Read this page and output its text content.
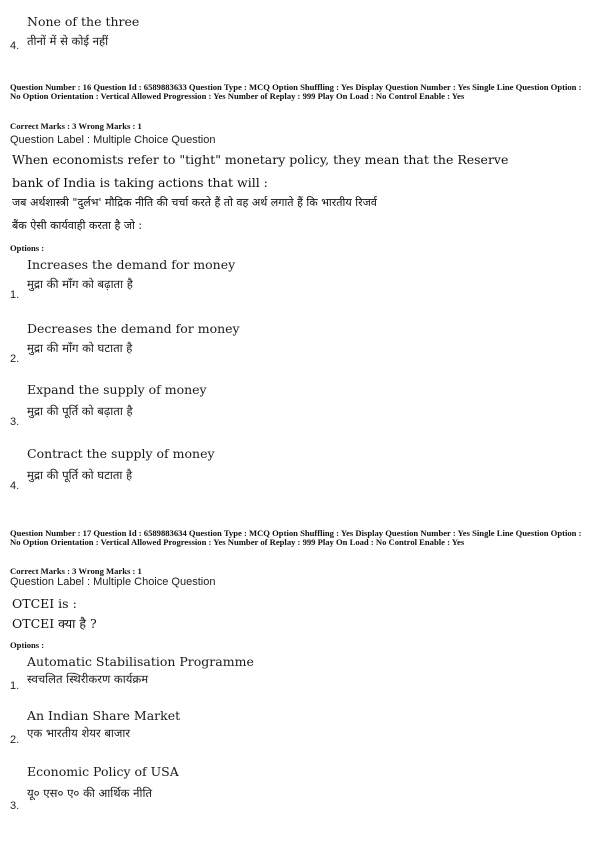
None of the three
तीनों में से कोई नहीं
4.
Question Number : 16 Question Id : 6589883633 Question Type : MCQ Option Shuffling : Yes Display Question Number : Yes Single Line Question Option : No Option Orientation : Vertical Allowed Progression : Yes Number of Replay : 999 Play On Load : No Control Enable : Yes
Correct Marks : 3 Wrong Marks : 1
Question Label : Multiple Choice Question
When economists refer to "tight" monetary policy, they mean that the Reserve
bank of India is taking actions that will :
जब अर्थशास्त्री "दुर्लभ' मौद्रिक नीति की चर्चा करते हैं तो वह अर्थ लगाते हैं कि भारतीय रिजर्व
बैंक ऐसी कार्यवाही करता है जो :
Options :
Increases the demand for money
मुद्रा की माँग को बढ़ाता है
1.
Decreases the demand for money
मुद्रा की माँग को घटाता है
2.
Expand the supply of money
मुद्रा की पूर्ति को बढ़ाता है
3.
Contract the supply of money
मुद्रा की पूर्ति को घटाता है
4.
Question Number : 17 Question Id : 6589883634 Question Type : MCQ Option Shuffling : Yes Display Question Number : Yes Single Line Question Option : No Option Orientation : Vertical Allowed Progression : Yes Number of Replay : 999 Play On Load : No Control Enable : Yes
Correct Marks : 3 Wrong Marks : 1
Question Label : Multiple Choice Question
OTCEI is :
OTCEI क्या है ?
Options :
Automatic Stabilisation Programme
स्वचलित स्थिरीकरण कार्यक्रम
1.
An Indian Share Market
एक भारतीय शेयर बाजार
2.
Economic Policy of USA
यू० एस० ए० की आर्थिक नीति
3.
